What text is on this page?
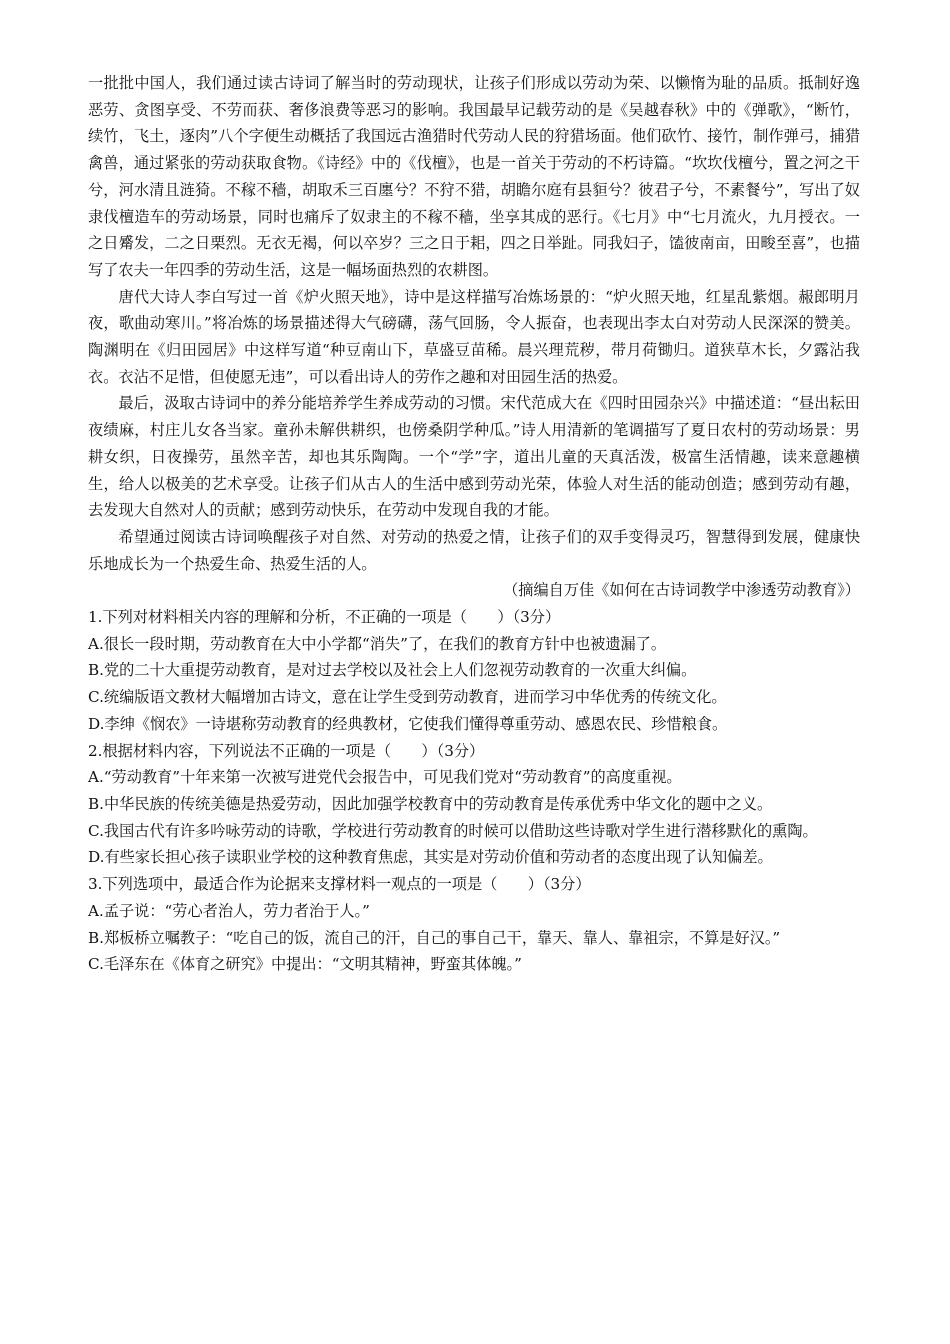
一批批中国人，我们通过读古诗词了解当时的劳动现状，让孩子们形成以劳动为荣、以懒惰为耻的品质。抵制好逸恶劳、贪图享受、不劳而获、奢侈浪费等恶习的影响。我国最早记载劳动的是《吴越春秋》中的《弹歌》，“断竹，续竹，飞土，逐肉”八个字便生动概括了我国远古渔猎时代劳动人民的狩猎场面。他们砍竹、接竹，制作弹弓，捕猎禽兽，通过紧张的劳动获取食物。《诗经》中的《伐檀》，也是一首关于劳动的不朽诗篇。“坎坎伐檀兮，置之河之干兮，河水清且涟猗。不稼不穑，胡取禾三百廛兮？不狩不猎，胡瞻尔庭有县貆兮？彼君子兮，不素餐兮”，写出了奴隶伐檀造车的劳动场景，同时也痛斥了奴隶主的不稼不穑，坐享其成的恶行。《七月》中“七月流火，九月授衣。一之日觱发，二之日栗烈。无衣无褐，何以卒岁？三之日于耜，四之日举趾。同我妇子，馌彼南亩，田畯至喜”，也描写了农夫一年四季的劳动生活，这是一幅场面热烈的农耕图。

唐代大诗人李白写过一首《炉火照天地》，诗中是这样描写冶炼场景的：“炉火照天地，红星乱紫烟。赧郎明月夜，歌曲动寒川。”将冶炼的场景描述得大气磅礴，荡气回肠，令人振奋，也表现出李太白对劳动人民深深的赞美。陶渊明在《归田园居》中这样写道“种豆南山下，草盛豆苗稀。晨兴理荒秽，带月荷锄归。道狭草木长，夕露沾我衣。衣沾不足惜，但使愿无违”，可以看出诗人的劳作之趣和对田园生活的热爱。

最后，汲取古诗词中的养分能培养学生养成劳动的习惯。宋代范成大在《四时田园杂兴》中描述道：“昼出耘田夜绩麻，村庄儿女各当家。童孙未解供耕织，也傍桑阴学种瓜。”诗人用清新的笔调描写了夏日农村的劳动场景：男耕女织，日夜操劳，虽然辛苦，却也其乐陶陶。一个“学”字，道出儿童的天真活泼，极富生活情趣，读来意趣横生，给人以极美的艺术享受。让孩子们从古人的生活中感到劳动光荣，体验人对生活的能动创造；感到劳动有趣，去发现大自然对人的贡献；感到劳动快乐，在劳动中发现自我的才能。

希望通过阅读古诗词唤醒孩子对自然、对劳动的热爱之情，让孩子们的双手变得灵巧，智慧得到发展，健康快乐地成长为一个热爱生命、热爱生活的人。

（摘编自万佳《如何在古诗词教学中渗透劳动教育》）

1.下列对材料相关内容的理解和分析，不正确的一项是（　　）（3分）

A.很长一段时期，劳动教育在大中小学都“消失”了，在我们的教育方针中也被遗漏了。

B.党的二十大重提劳动教育，是对过去学校以及社会上人们忽视劳动教育的一次重大纠偏。

C.统编版语文教材大幅增加古诗文，意在让学生受到劳动教育，进而学习中华优秀的传统文化。

D.李绅《悯农》一诗堪称劳动教育的经典教材，它使我们懂得尊重劳动、感恩农民、珍惜粮食。

2.根据材料内容，下列说法不正确的一项是（　　）（3分）

A.“劳动教育”十年来第一次被写进党代会报告中，可见我们党对“劳动教育”的高度重视。

B.中华民族的传统美德是热爱劳动，因此加强学校教育中的劳动教育是传承优秀中华文化的题中之义。

C.我国古代有许多吟咏劳动的诗歌，学校进行劳动教育的时候可以借助这些诗歌对学生进行潜移默化的熏陶。

D.有些家长担心孩子读职业学校的这种教育焦虑，其实是对劳动价值和劳动者的态度出现了认知偏差。

3.下列选项中，最适合作为论据来支撑材料一观点的一项是（　　）（3分）

A.孟子说：“劳心者治人，劳力者治于人。”

B.郑板桥立嘱教子：“吃自己的饭，流自己的汗，自己的事自己干，靠天、靠人、靠祖宗，不算是好汉。”

C.毛泽东在《体育之研究》中提出：“文明其精神，野蛮其体魄。”
